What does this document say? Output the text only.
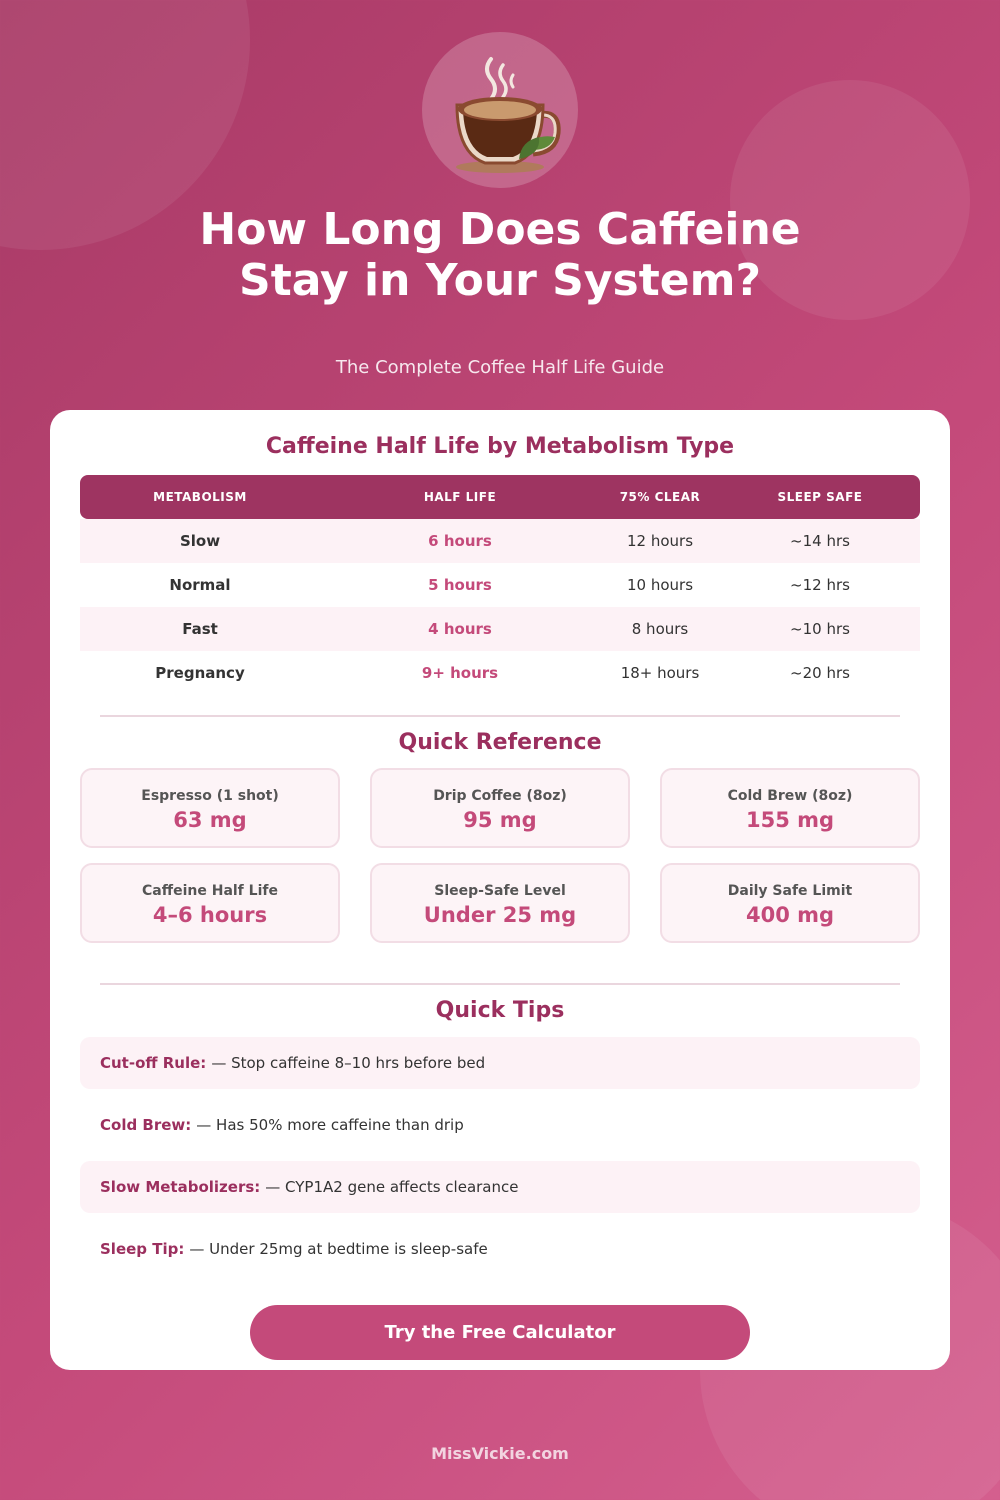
How Long Does Caffeine
Stay in Your System?
The Complete Coffee Half Life Guide
Caffeine Half Life by Metabolism Type
METABOLISM	HALF LIFE	75% CLEAR	SLEEP SAFE
Slow	6 hours	12 hours	~14 hrs
Normal	5 hours	10 hours	~12 hrs
Fast	4 hours	8 hours	~10 hrs
Pregnancy	9+ hours	18+ hours	~20 hrs
Quick Reference
Espresso (1 shot)
63 mg
Drip Coffee (8oz)
95 mg
Cold Brew (8oz)
155 mg
Caffeine Half Life
4–6 hours
Sleep-Safe Level
Under 25 mg
Daily Safe Limit
400 mg
Quick Tips
Cut-off Rule: — Stop caffeine 8–10 hrs before bed
Cold Brew: — Has 50% more caffeine than drip
Slow Metabolizers: — CYP1A2 gene affects clearance
Sleep Tip: — Under 25mg at bedtime is sleep-safe
Try the Free Calculator
MissVickie.com
